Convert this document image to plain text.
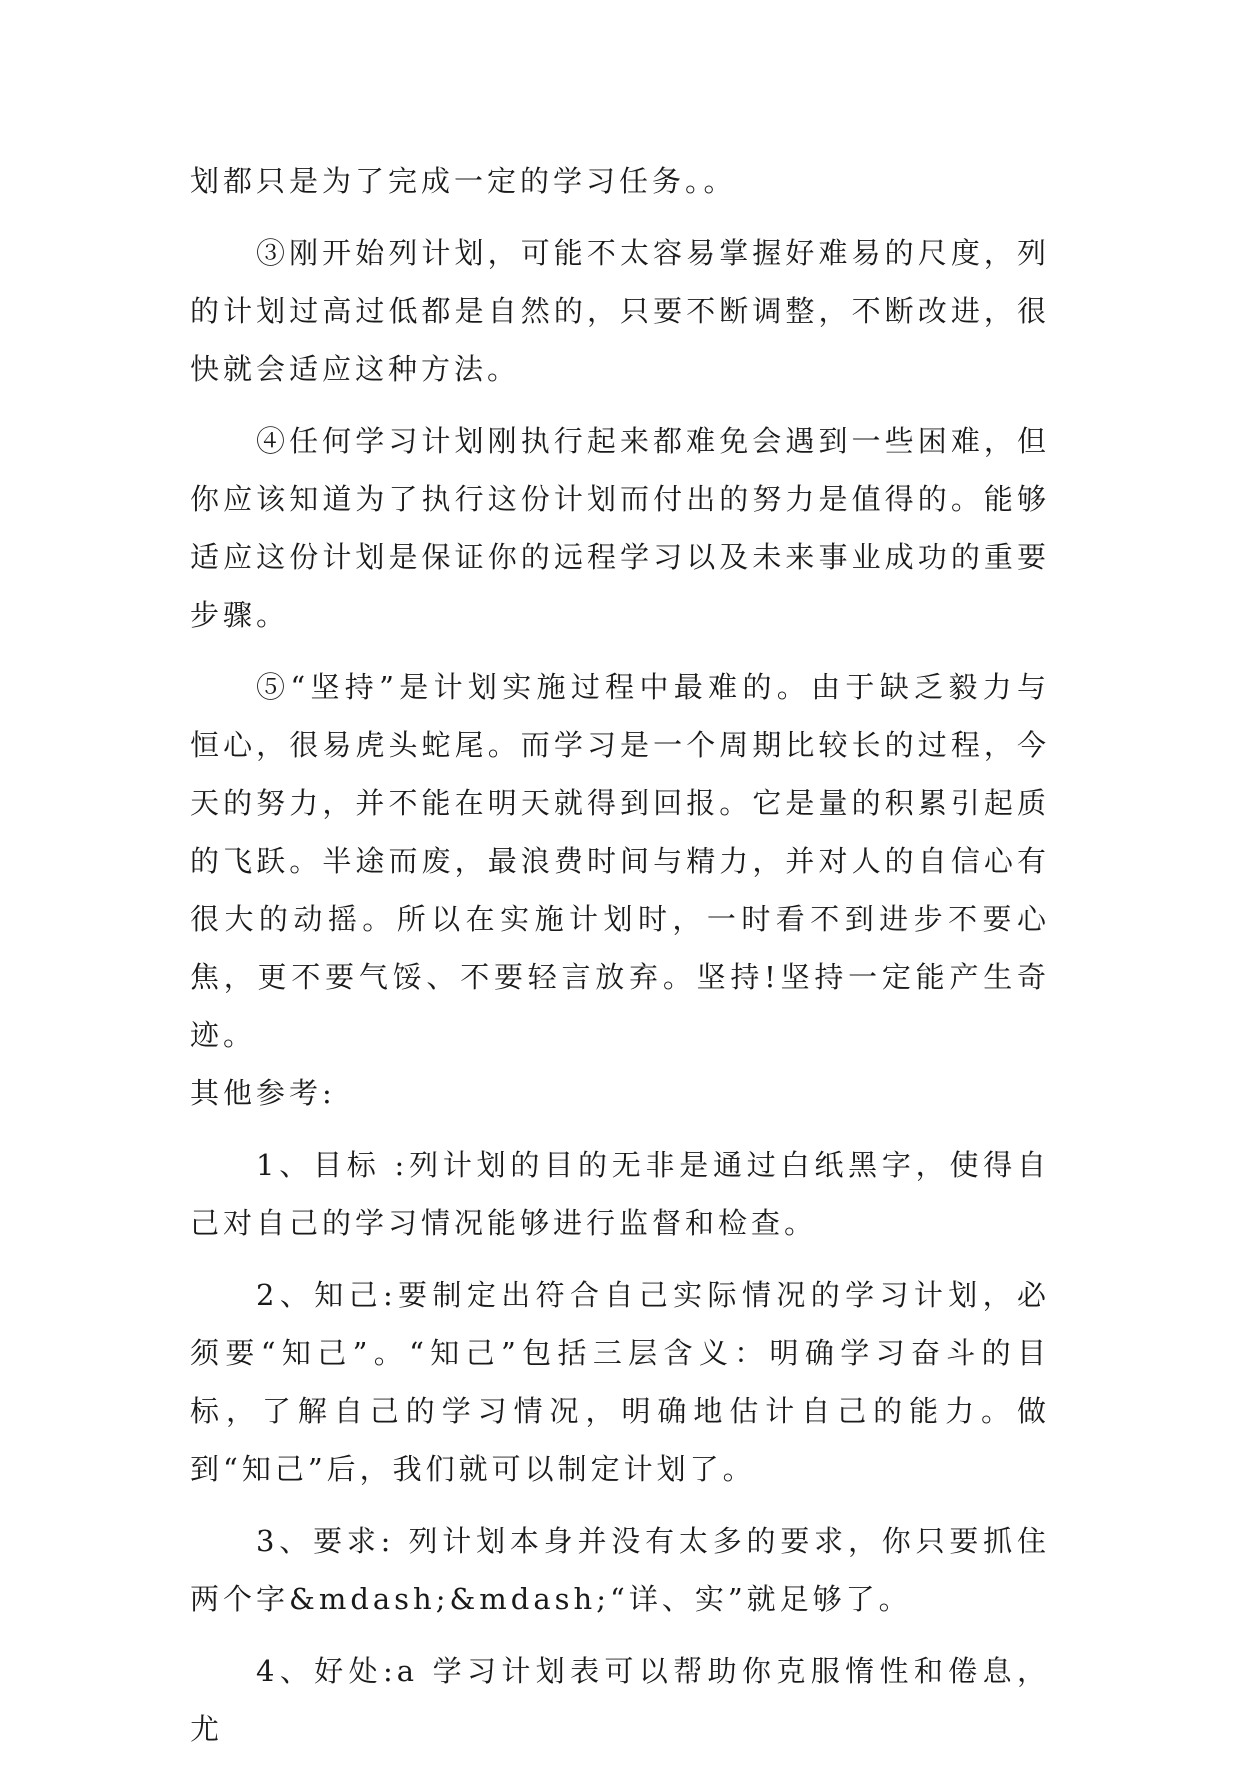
划都只是为了完成一定的学习任务。。

③刚开始列计划，可能不太容易掌握好难易的尺度，列的计划过高过低都是自然的，只要不断调整，不断改进，很快就会适应这种方法。

④任何学习计划刚执行起来都难免会遇到一些困难，但你应该知道为了执行这份计划而付出的努力是值得的。能够适应这份计划是保证你的远程学习以及未来事业成功的重要步骤。

⑤“坚持”是计划实施过程中最难的。由于缺乏毅力与恒心，很易虎头蛇尾。而学习是一个周期比较长的过程，今天的努力，并不能在明天就得到回报。它是量的积累引起质的飞跃。半途而废，最浪费时间与精力，并对人的自信心有很大的动摇。所以在实施计划时，一时看不到进步不要心焦，更不要气馁、不要轻言放弃。坚持!坚持一定能产生奇迹。

其他参考:

1、目标 :列计划的目的无非是通过白纸黑字，使得自己对自己的学习情况能够进行监督和检查。

2、知己:要制定出符合自己实际情况的学习计划，必须要“知己”。“知己”包括三层含义：明确学习奋斗的目标，了解自己的学习情况，明确地估计自己的能力。做到“知己”后，我们就可以制定计划了。

3、要求: 列计划本身并没有太多的要求，你只要抓住两个字&mdash;&mdash;“详、实”就足够了。

4、好处:a 学习计划表可以帮助你克服惰性和倦息，尤
